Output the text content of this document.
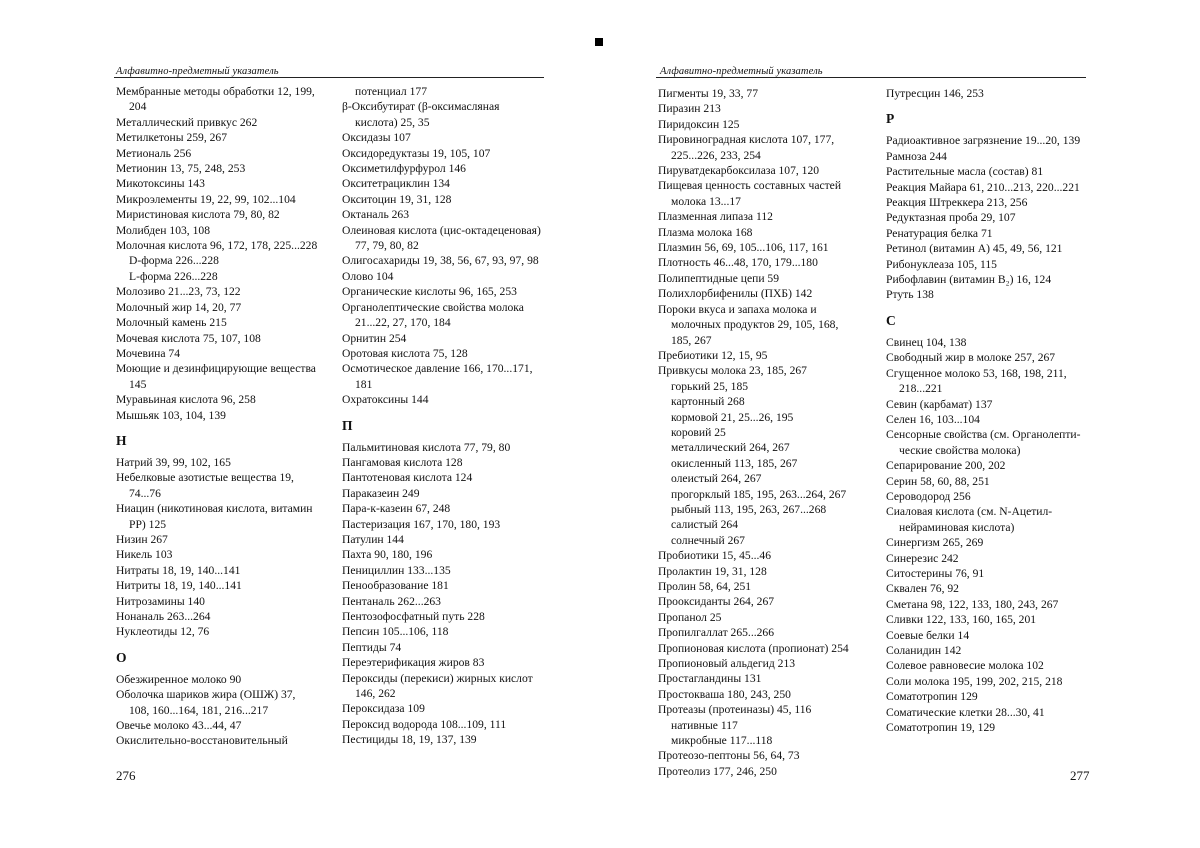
Алфавитно-предметный указатель	Алфавитно-предметный указатель
Мембранные методы обработки 12, 199,
204
Металлический привкус 262
Метилкетоны 259, 267
Метиональ 256
Метионин 13, 75, 248, 253
Микотоксины 143
Микроэлементы 19, 22, 99, 102...104
Миристиновая кислота 79, 80, 82
Молибден 103, 108
Молочная кислота 96, 172, 178, 225...228
D-форма 226...228
L-форма 226...228
Молозиво 21...23, 73, 122
Молочный жир 14, 20, 77
Молочный камень 215
Мочевая кислота 75, 107, 108
Мочевина 74
Моющие и дезинфицирующие вещества
145
Муравьиная кислота 96, 258
Мышьяк 103, 104, 139
Н
Натрий 39, 99, 102, 165
Небелковые азотистые вещества 19,
74...76
Ниацин (никотиновая кислота, витамин
PP) 125
Низин 267
Никель 103
Нитраты 18, 19, 140...141
Нитриты 18, 19, 140...141
Нитрозамины 140
Нонаналь 263...264
Нуклеотиды 12, 76
О
Обезжиренное молоко 90
Оболочка шариков жира (ОШЖ) 37,
108, 160...164, 181, 216...217
Овечье молоко 43...44, 47
Окислительно-восстановительный
потенциал 177
β-Оксибутират (β-оксимасляная
кислота) 25, 35
Оксидазы 107
Оксидоредуктазы 19, 105, 107
Оксиметилфурфурол 146
Окситетрациклин 134
Окситоцин 19, 31, 128
Октаналь 263
Олеиновая кислота (цис-октадеценовая)
77, 79, 80, 82
Олигосахариды 19, 38, 56, 67, 93, 97, 98
Олово 104
Органические кислоты 96, 165, 253
Органолептические свойства молока
21...22, 27, 170, 184
Орнитин 254
Оротовая кислота 75, 128
Осмотическое давление 166, 170...171,
181
Охратоксины 144
П
Пальмитиновая кислота 77, 79, 80
Пангамовая кислота 128
Пантотеновая кислота 124
Параказеин 249
Пара-к-казеин 67, 248
Пастеризация 167, 170, 180, 193
Патулин 144
Пахта 90, 180, 196
Пенициллин 133...135
Пенообразование 181
Пентаналь 262...263
Пентозофосфатный путь 228
Пепсин 105...106, 118
Пептиды 74
Переэтерификация жиров 83
Пероксиды (перекиси) жирных кислот
146, 262
Пероксидаза 109
Пероксид водорода 108...109, 111
Пестициды 18, 19, 137, 139
Пигменты 19, 33, 77
Пиразин 213
Пиридоксин 125
Пировиноградная кислота 107, 177,
225...226, 233, 254
Пируватдекарбоксилаза 107, 120
Пищевая ценность составных частей
молока 13...17
Плазменная липаза 112
Плазма молока 168
Плазмин 56, 69, 105...106, 117, 161
Плотность 46...48, 170, 179...180
Полипептидные цепи 59
Полихлорбифенилы (ПХБ) 142
Пороки вкуса и запаха молока и
молочных продуктов 29, 105, 168,
185, 267
Пребиотики 12, 15, 95
Привкусы молока 23, 185, 267
горький 25, 185
картонный 268
кормовой 21, 25...26, 195
коровий 25
металлический 264, 267
окисленный 113, 185, 267
олеистый 264, 267
прогорклый 185, 195, 263...264, 267
рыбный 113, 195, 263, 267...268
салистый 264
солнечный 267
Пробиотики 15, 45...46
Пролактин 19, 31, 128
Пролин 58, 64, 251
Прооксиданты 264, 267
Пропанол 25
Пропилгаллат 265...266
Пропионовая кислота (пропионат) 254
Пропионовый альдегид 213
Простагландины 131
Простокваша 180, 243, 250
Протеазы (протеиназы) 45, 116
нативные 117
микробные 117...118
Протеозо-пептоны 56, 64, 73
Протеолиз 177, 246, 250
Путресцин 146, 253
Р
Радиоактивное загрязнение 19...20, 139
Рамноза 244
Растительные масла (состав) 81
Реакция Майара 61, 210...213, 220...221
Реакция Штреккера 213, 256
Редуктазная проба 29, 107
Ренатурация белка 71
Ретинол (витамин А) 45, 49, 56, 121
Рибонуклеаза 105, 115
Рибофлавин (витамин B₂) 16, 124
Ртуть 138
С
Свинец 104, 138
Свободный жир в молоке 257, 267
Сгущенное молоко 53, 168, 198, 211,
218...221
Севин (карбамат) 137
Селен 16, 103...104
Сенсорные свойства (см. Органолепти-
ческие свойства молока)
Сепарирование 200, 202
Серин 58, 60, 88, 251
Сероводород 256
Сиаловая кислота (см. N-Ацетил-
нейраминовая кислота)
Синергизм 265, 269
Синерезис 242
Ситостерины 76, 91
Сквален 76, 92
Сметана 98, 122, 133, 180, 243, 267
Сливки 122, 133, 160, 165, 201
Соевые белки 14
Соланидин 142
Солевое равновесие молока 102
Соли молока 195, 199, 202, 215, 218
Соматотропин 129
Соматические клетки 28...30, 41
Соматотропин 19, 129
276	277
